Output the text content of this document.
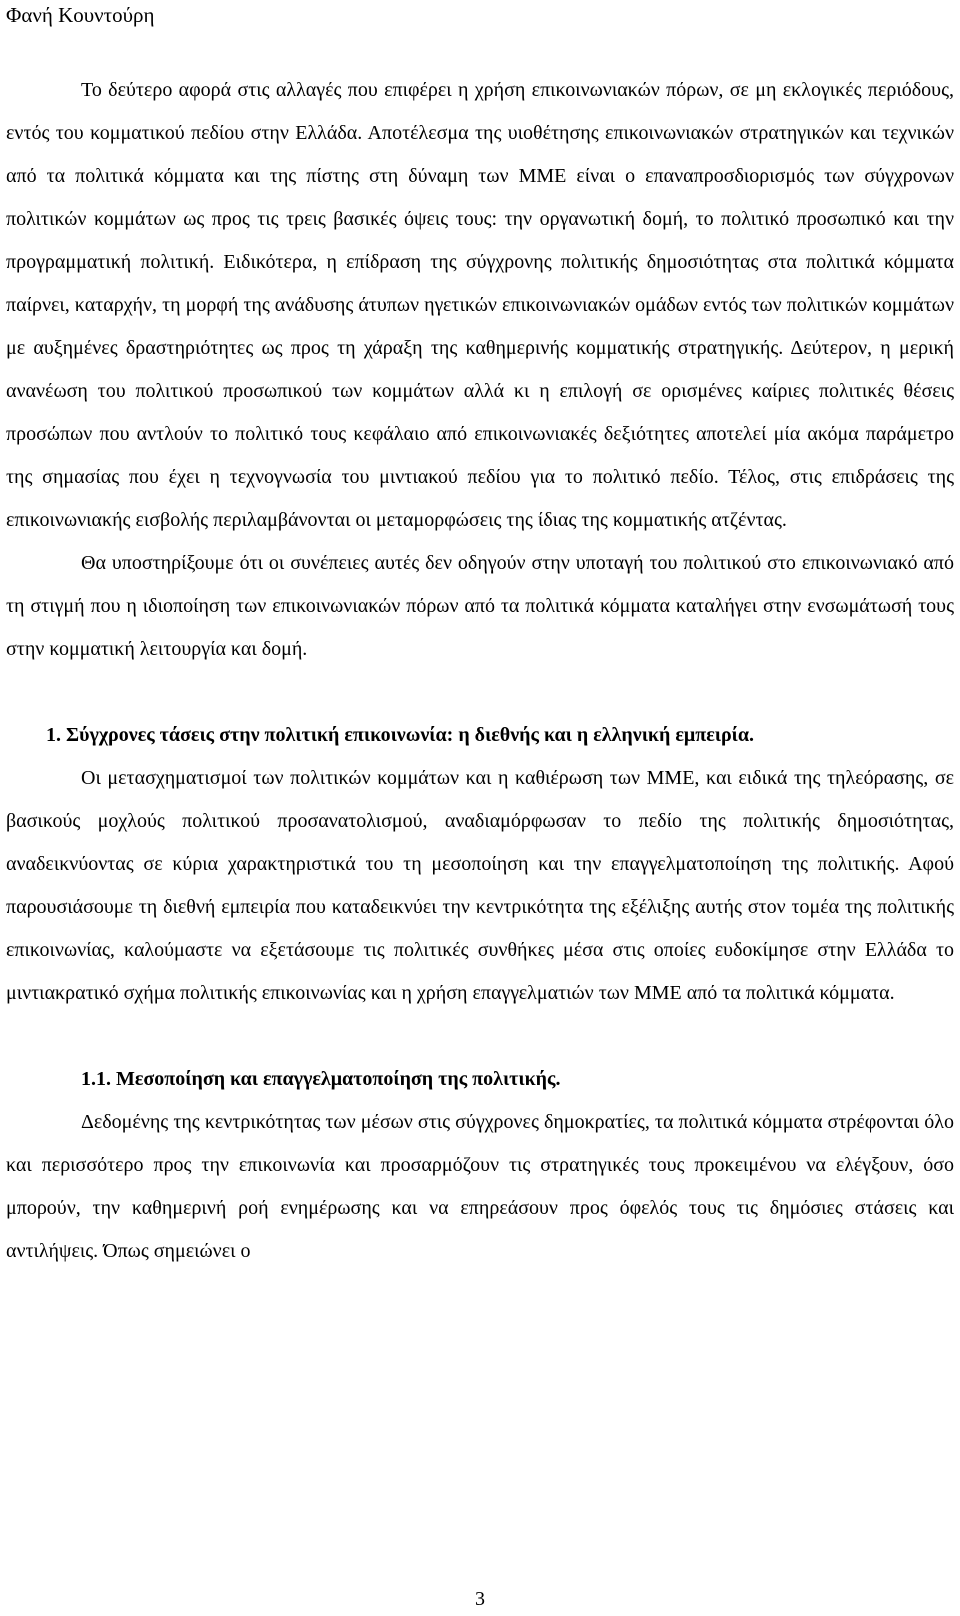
Φανή Κουντούρη

Το δεύτερο αφορά στις αλλαγές που επιφέρει η χρήση επικοινωνιακών πόρων, σε μη εκλογικές περιόδους, εντός του κομματικού πεδίου στην Ελλάδα. Αποτέλεσμα της υιοθέτησης επικοινωνιακών στρατηγικών και τεχνικών από τα πολιτικά κόμματα και της πίστης στη δύναμη των ΜΜΕ είναι ο επαναπροσδιορισμός των σύγχρονων πολιτικών κομμάτων ως προς τις τρεις βασικές όψεις τους: την οργανωτική δομή, το πολιτικό προσωπικό και την προγραμματική πολιτική. Ειδικότερα, η επίδραση της σύγχρονης πολιτικής δημοσιότητας στα πολιτικά κόμματα παίρνει, καταρχήν, τη μορφή της ανάδυσης άτυπων ηγετικών επικοινωνιακών ομάδων εντός των πολιτικών κομμάτων με αυξημένες δραστηριότητες ως προς τη χάραξη της καθημερινής κομματικής στρατηγικής. Δεύτερον, η μερική ανανέωση του πολιτικού προσωπικού των κομμάτων αλλά κι η επιλογή σε ορισμένες καίριες πολιτικές θέσεις προσώπων που αντλούν το πολιτικό τους κεφάλαιο από επικοινωνιακές δεξιότητες αποτελεί μία ακόμα παράμετρο της σημασίας που έχει η τεχνογνωσία του μιντιακού πεδίου για το πολιτικό πεδίο. Τέλος, στις επιδράσεις της επικοινωνιακής εισβολής περιλαμβάνονται οι μεταμορφώσεις της ίδιας της κομματικής ατζέντας.

Θα υποστηρίξουμε ότι οι συνέπειες αυτές δεν οδηγούν στην υποταγή του πολιτικού στο επικοινωνιακό από τη στιγμή που η ιδιοποίηση των επικοινωνιακών πόρων από τα πολιτικά κόμματα καταλήγει στην ενσωμάτωσή τους στην κομματική λειτουργία και δομή.

1. Σύγχρονες τάσεις στην πολιτική επικοινωνία: η διεθνής και η ελληνική εμπειρία.

Οι μετασχηματισμοί των πολιτικών κομμάτων και η καθιέρωση των ΜΜΕ, και ειδικά της τηλεόρασης, σε βασικούς μοχλούς πολιτικού προσανατολισμού, αναδιαμόρφωσαν το πεδίο της πολιτικής δημοσιότητας, αναδεικνύοντας σε κύρια χαρακτηριστικά του τη μεσοποίηση και την επαγγελματοποίηση της πολιτικής. Αφού παρουσιάσουμε τη διεθνή εμπειρία που καταδεικνύει την κεντρικότητα της εξέλιξης αυτής στον τομέα της πολιτικής επικοινωνίας, καλούμαστε να εξετάσουμε τις πολιτικές συνθήκες μέσα στις οποίες ευδοκίμησε στην Ελλάδα το μιντιακρατικό σχήμα πολιτικής επικοινωνίας και η χρήση επαγγελματιών των ΜΜΕ από τα πολιτικά κόμματα.

1.1. Μεσοποίηση και επαγγελματοποίηση της πολιτικής.

Δεδομένης της κεντρικότητας των μέσων στις σύγχρονες δημοκρατίες, τα πολιτικά κόμματα στρέφονται όλο και περισσότερο προς την επικοινωνία και προσαρμόζουν τις στρατηγικές τους προκειμένου να ελέγξουν, όσο μπορούν, την καθημερινή ροή ενημέρωσης και να επηρεάσουν προς όφελός τους τις δημόσιες στάσεις και αντιλήψεις. Όπως σημειώνει ο

3
